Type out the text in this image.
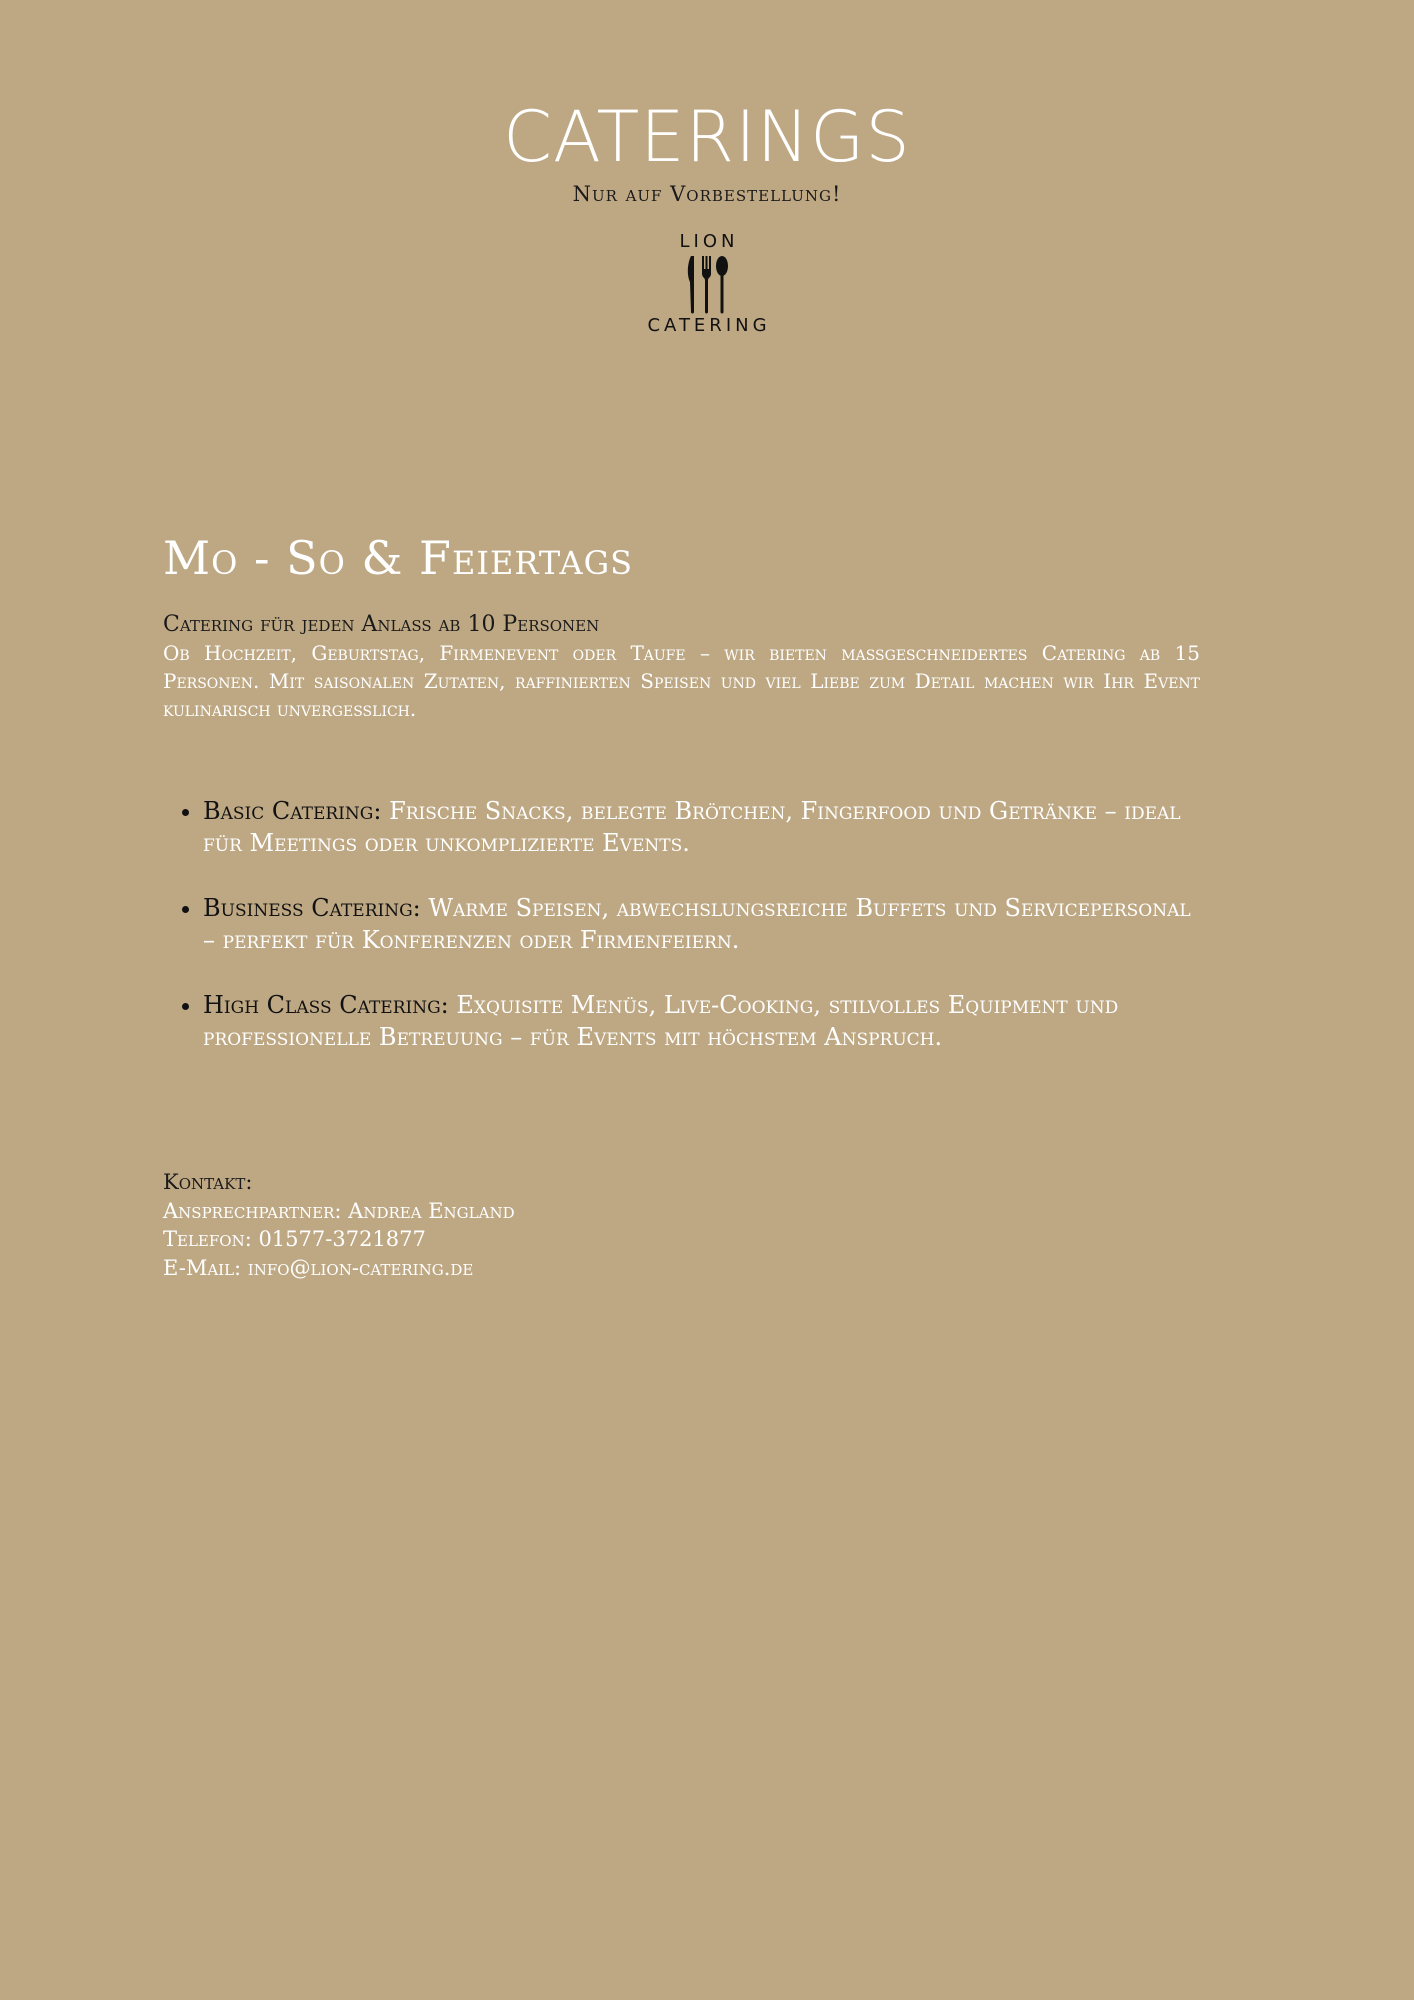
CATERINGS

Nur auf Vorbestellung!

LION
CATERING
Mo - So & Feiertags

Catering für jeden Anlass ab 10 Personen

Ob Hochzeit, Geburtstag, Firmenevent oder Taufe – wir bieten maßgeschneidertes Catering ab 15 Personen. Mit saisonalen Zutaten, raffinierten Speisen und viel Liebe zum Detail machen wir Ihr Event kulinarisch unvergesslich.

• Basic Catering: Frische Snacks, belegte Brötchen, Fingerfood und Getränke – ideal für Meetings oder unkomplizierte Events.
• Business Catering: Warme Speisen, abwechslungsreiche Buffets und Servicepersonal – perfekt für Konferenzen oder Firmenfeiern.
• High Class Catering: Exquisite Menüs, Live-Cooking, stilvolles Equipment und professionelle Betreuung – für Events mit höchstem Anspruch.
Kontakt:
Ansprechpartner: Andrea England
Telefon: 01577-3721877
E-Mail: info@lion-catering.de
